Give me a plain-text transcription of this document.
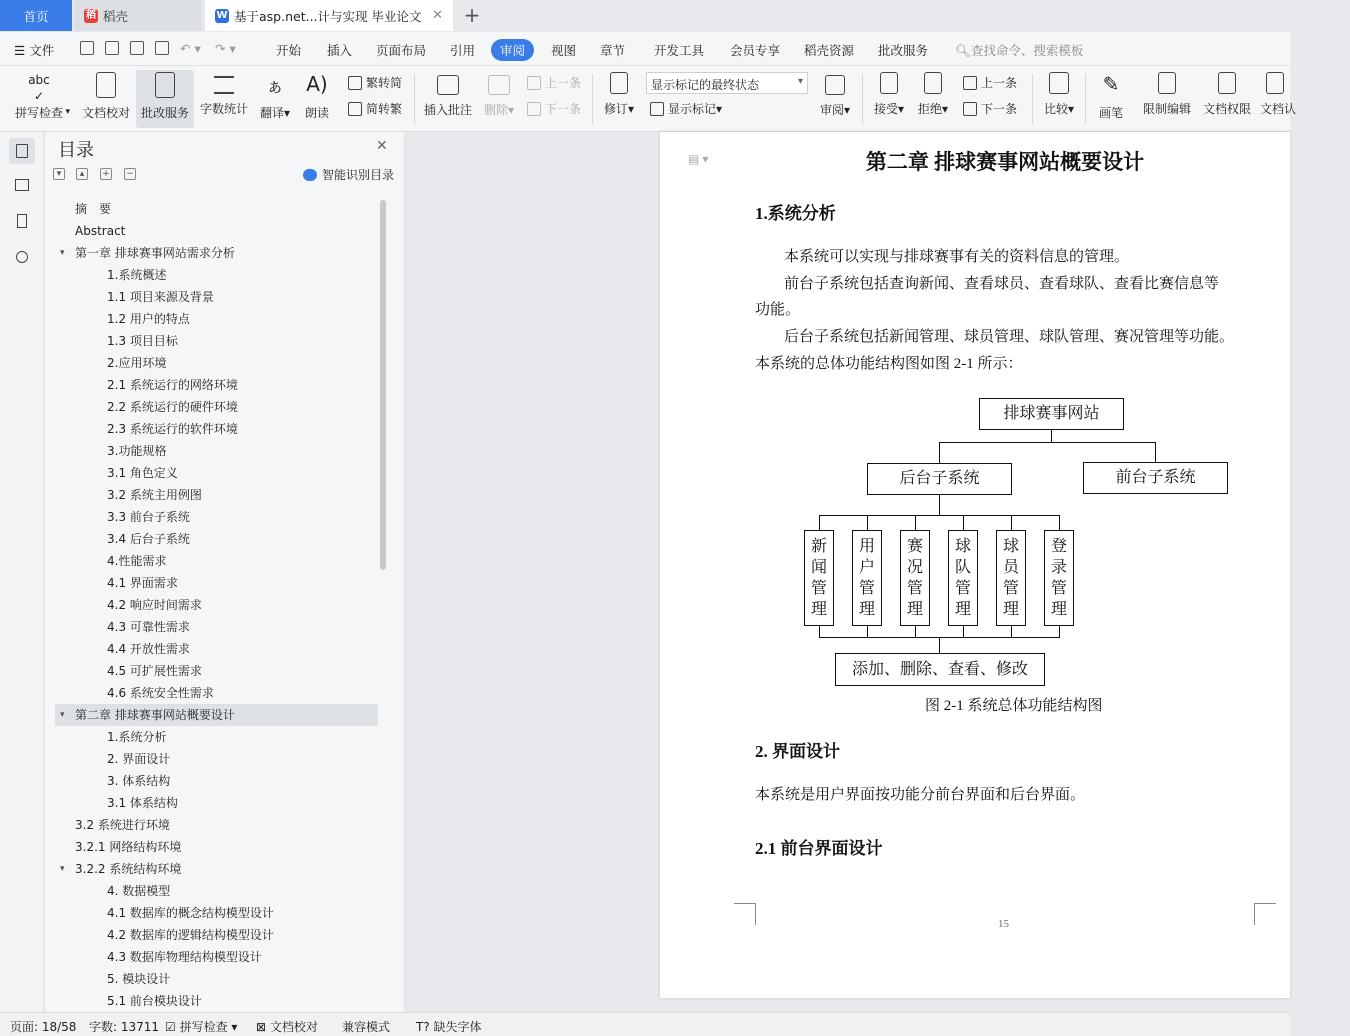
首页	稻 稻壳	W 基于asp.net...计与实现 毕业论文 ✕ +
☰ 文件	↶ ▾ ↷ ▾	开始 插入 页面布局 引用	审阅	视图 章节 开发工具 会员专享 稻壳资源 批改服务 🔍︎查找命令、搜索模板
abc
✓
拼写检查 ▾ 文档校对 批改服务 字数统计
ぁ
翻译▾
A)
朗读
繁转简
简转繁 插入批注 删除▾
上一条
下一条 修订▾
显示标记的最终状态 ▾
显示标记 ▾	审阅▾ 接受▾ 拒绝▾
上一条
下一条 比较▾
✎
画笔 限制编辑 文档权限 文档认
目录	✕
▾	▴	+ −	智能识别目录
摘　要
Abstract
▾ 第一章 排球赛事网站需求分析
1.系统概述
1.1 项目来源及背景
1.2 用户的特点
1.3 项目目标
2.应用环境
2.1 系统运行的网络环境
2.2 系统运行的硬件环境
2.3 系统运行的软件环境
3.功能规格
3.1 角色定义
3.2 系统主用例图
3.3 前台子系统
3.4 后台子系统
4.性能需求
4.1 界面需求
4.2 响应时间需求
4.3 可靠性需求
4.4 开放性需求
4.5 可扩展性需求
4.6 系统安全性需求
▾ 第二章 排球赛事网站概要设计
1.系统分析
2. 界面设计
3. 体系结构
3.1 体系结构
3.2 系统进行环境
3.2.1 网络结构环境
▾ 3.2.2 系统结构环境
4. 数据模型
4.1 数据库的概念结构模型设计
4.2 数据库的逻辑结构模型设计
4.3 数据库物理结构模型设计
5. 模块设计
5.1 前台模块设计
▤ ▾	第二章 排球赛事网站概要设计
1.系统分析
本系统可以实现与排球赛事有关的资料信息的管理。
前台子系统包括查询新闻、查看球员、查看球队、查看比赛信息等
功能。
后台子系统包括新闻管理、球员管理、球队管理、赛况管理等功能。
本系统的总体功能结构图如图 2-1 所示：
排球赛事网站
后台子系统	前台子系统
新闻管理
用户管理
赛况管理
球队管理
球员管理
登录管理
添加、删除、查看、修改
图 2-1 系统总体功能结构图
2. 界面设计
本系统是用户界面按功能分前台界面和后台界面。
2.1 前台界面设计
15
页面: 18/58 字数: 13711 ☑ 拼写检查 ▾ ⊠ 文档校对 兼容模式 T? 缺失字体
